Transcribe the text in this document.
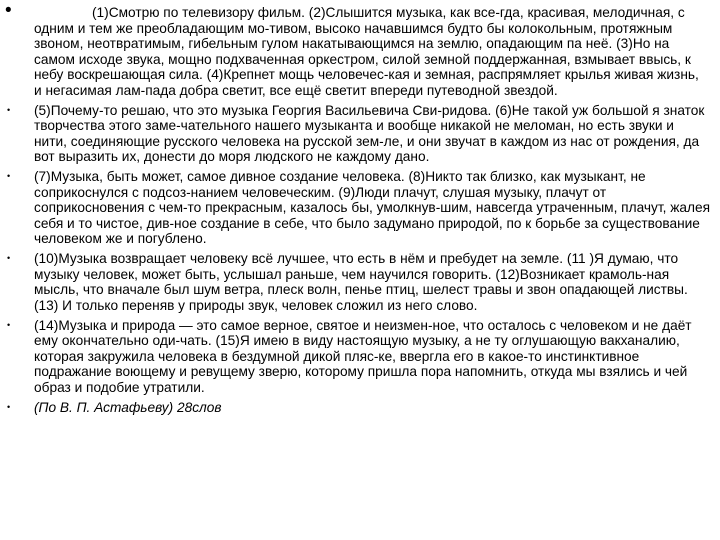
•	(1)Смотрю по телевизору фильм. (2)Слышится музыка, как все-гда, красивая, мелодичная, с одним и тем же преобладающим мо-тивом, высоко начавшимся будто бы колокольным, протяжным звоном, неотвратимым, гибельным гулом накатывающимся на землю, опадающим па неё. (3)Но на самом исходе звука, мощно подхваченная оркестром, силой земной поддержанная, взмывает ввысь, к небу воскрешающая сила. (4)Крепнет мощь человечес-кая и земная, распрямляет крылья живая жизнь, и негасимая лам-пада добра светит, все ещё светит впереди путеводной звездой.
• (5)Почему-то решаю, что это музыка Георгия Васильевича Сви-ридова. (6)Не такой уж большой я знаток творчества этого заме-чательного нашего музыканта и вообще никакой не меломан, но есть звуки и нити, соединяющие русского человека на русской зем-ле, и они звучат в каждом из нас от рождения, да вот выразить их, донести до моря людского не каждому дано.
• (7)Музыка, быть может, самое дивное создание человека. (8)Никто так близко, как музыкант, не соприкоснулся с подсоз-нанием человеческим. (9)Люди плачут, слушая музыку, плачут от соприкосновения с чем-то прекрасным, казалось бы, умолкнув-шим, навсегда утраченным, плачут, жалея себя и то чистое, див-ное создание в себе, что было задумано природой, по к борьбе за существование человеком же и погублено.
• (10)Музыка возвращает человеку всё лучшее, что есть в нём и пребудет на земле. (11 )Я думаю, что музыку человек, может быть, услышал раньше, чем научился говорить. (12)Возникает крамоль-ная мысль, что вначале был шум ветра, плеск волн, пенье птиц, шелест травы и звон опадающей листвы. (13) И только переняв у природы звук, человек сложил из него слово.
• (14)Музыка и природа — это самое верное, святое и неизмен-ное, что осталось с человеком и не даёт ему окончательно оди-чать. (15)Я имею в виду настоящую музыку, а не ту оглушающую вакханалию, которая закружила человека в бездумной дикой пляс-ке, ввергла его в какое-то инстинктивное подражание воющему и ревущему зверю, которому пришла пора напомнить, откуда мы взялись и чей образ и подобие утратили.
• (По В. П. Астафьеву) 28слов
